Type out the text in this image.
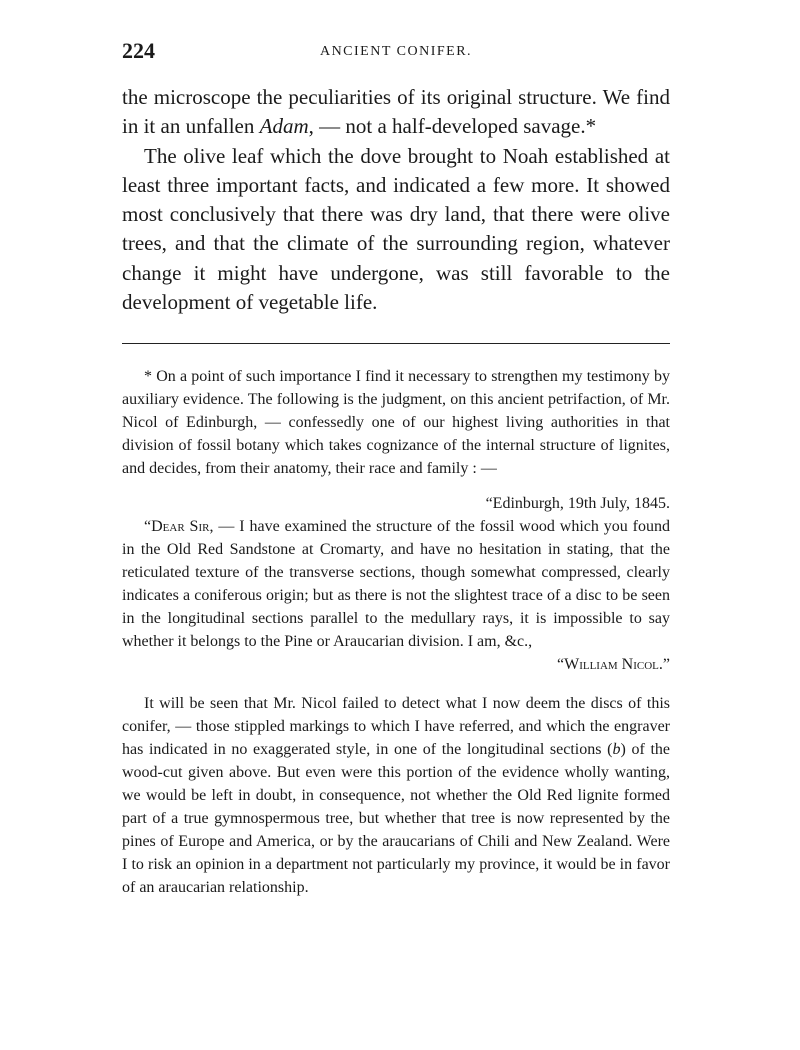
224	ANCIENT CONIFER.

the microscope the peculiarities of its original structure. We find in it an unfallen Adam, — not a half-developed savage.*

The olive leaf which the dove brought to Noah established at least three important facts, and indicated a few more. It showed most conclusively that there was dry land, that there were olive trees, and that the climate of the surrounding region, whatever change it might have undergone, was still favorable to the development of vegetable life.

* On a point of such importance I find it necessary to strengthen my testimony by auxiliary evidence. The following is the judgment, on this ancient petrifaction, of Mr. Nicol of Edinburgh, — confessedly one of our highest living authorities in that division of fossil botany which takes cognizance of the internal structure of lignites, and decides, from their anatomy, their race and family : —

“Edinburgh, 19th July, 1845.

“Dear Sir, — I have examined the structure of the fossil wood which you found in the Old Red Sandstone at Cromarty, and have no hesitation in stating, that the reticulated texture of the transverse sections, though somewhat compressed, clearly indicates a coniferous origin; but as there is not the slightest trace of a disc to be seen in the longitudinal sections parallel to the medullary rays, it is impossible to say whether it belongs to the Pine or Araucarian division. I am, &c.,

“William Nicol.”

It will be seen that Mr. Nicol failed to detect what I now deem the discs of this conifer, — those stippled markings to which I have referred, and which the engraver has indicated in no exaggerated style, in one of the longitudinal sections (b) of the wood-cut given above. But even were this portion of the evidence wholly wanting, we would be left in doubt, in consequence, not whether the Old Red lignite formed part of a true gymnospermous tree, but whether that tree is now represented by the pines of Europe and America, or by the araucarians of Chili and New Zealand. Were I to risk an opinion in a department not particularly my province, it would be in favor of an araucarian relationship.
